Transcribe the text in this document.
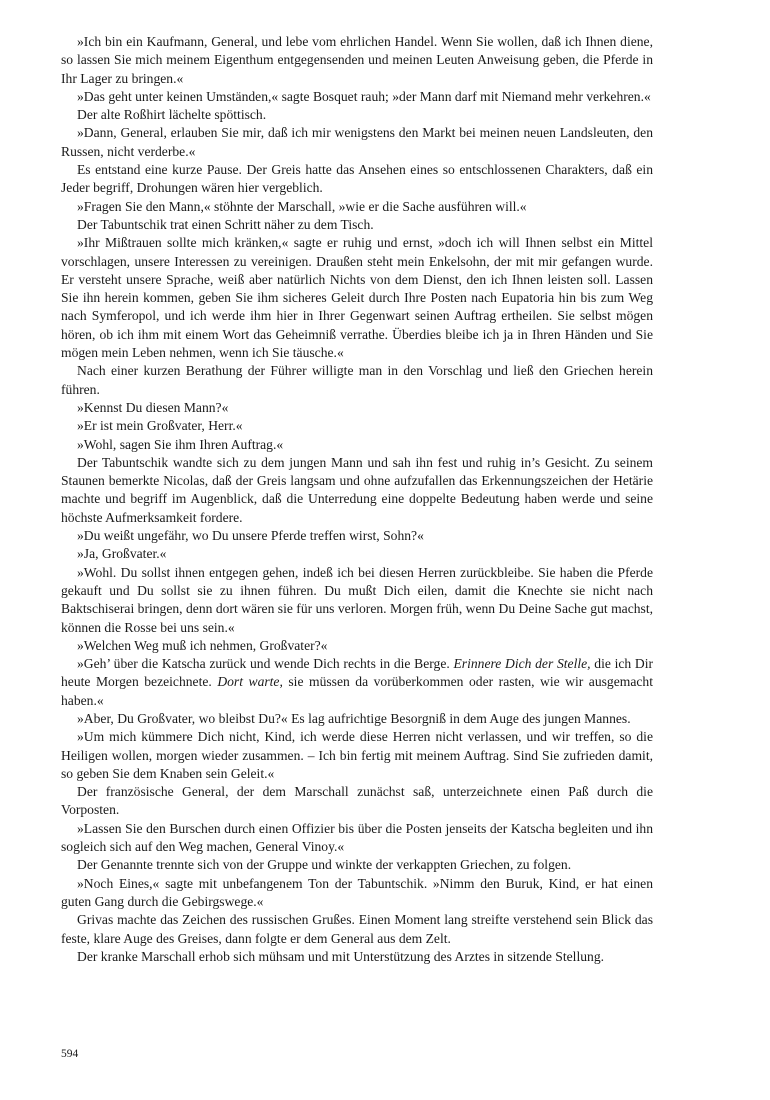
»Ich bin ein Kaufmann, General, und lebe vom ehrlichen Handel. Wenn Sie wollen, daß ich Ihnen diene, so lassen Sie mich meinem Eigenthum entgegensenden und meinen Leuten Anweisung geben, die Pferde in Ihr Lager zu bringen.«

»Das geht unter keinen Umständen,« sagte Bosquet rauh; »der Mann darf mit Niemand mehr verkehren.«

Der alte Roßhirt lächelte spöttisch.

»Dann, General, erlauben Sie mir, daß ich mir wenigstens den Markt bei meinen neuen Landsleuten, den Russen, nicht verderbe.«

Es entstand eine kurze Pause. Der Greis hatte das Ansehen eines so entschlossenen Charakters, daß ein Jeder begriff, Drohungen wären hier vergeblich.

»Fragen Sie den Mann,« stöhnte der Marschall, »wie er die Sache ausführen will.«

Der Tabuntschik trat einen Schritt näher zu dem Tisch.

»Ihr Mißtrauen sollte mich kränken,« sagte er ruhig und ernst, »doch ich will Ihnen selbst ein Mittel vorschlagen, unsere Interessen zu vereinigen. Draußen steht mein Enkelsohn, der mit mir gefangen wurde. Er versteht unsere Sprache, weiß aber natürlich Nichts von dem Dienst, den ich Ihnen leisten soll. Lassen Sie ihn herein kommen, geben Sie ihm sicheres Geleit durch Ihre Posten nach Eupatoria hin bis zum Weg nach Symferopol, und ich werde ihm hier in Ihrer Gegenwart seinen Auftrag ertheilen. Sie selbst mögen hören, ob ich ihm mit einem Wort das Geheimniß verrathe. Überdies bleibe ich ja in Ihren Händen und Sie mögen mein Leben nehmen, wenn ich Sie täusche.«

Nach einer kurzen Berathung der Führer willigte man in den Vorschlag und ließ den Griechen herein führen.

»Kennst Du diesen Mann?«

»Er ist mein Großvater, Herr.«

»Wohl, sagen Sie ihm Ihren Auftrag.«

Der Tabuntschik wandte sich zu dem jungen Mann und sah ihn fest und ruhig in’s Gesicht. Zu seinem Staunen bemerkte Nicolas, daß der Greis langsam und ohne aufzufallen das Erkennungszeichen der Hetärie machte und begriff im Augenblick, daß die Unterredung eine doppelte Bedeutung haben werde und seine höchste Aufmerksamkeit fordere.

»Du weißt ungefähr, wo Du unsere Pferde treffen wirst, Sohn?«

»Ja, Großvater.«

»Wohl. Du sollst ihnen entgegen gehen, indeß ich bei diesen Herren zurückbleibe. Sie haben die Pferde gekauft und Du sollst sie zu ihnen führen. Du mußt Dich eilen, damit die Knechte sie nicht nach Baktschiserai bringen, denn dort wären sie für uns verloren. Morgen früh, wenn Du Deine Sache gut machst, können die Rosse bei uns sein.«

»Welchen Weg muß ich nehmen, Großvater?«

»Geh’ über die Katscha zurück und wende Dich rechts in die Berge. Erinnere Dich der Stelle, die ich Dir heute Morgen bezeichnete. Dort warte, sie müssen da vorüberkommen oder rasten, wie wir ausgemacht haben.«

»Aber, Du Großvater, wo bleibst Du?« Es lag aufrichtige Besorgniß in dem Auge des jungen Mannes.

»Um mich kümmere Dich nicht, Kind, ich werde diese Herren nicht verlassen, und wir treffen, so die Heiligen wollen, morgen wieder zusammen. – Ich bin fertig mit meinem Auftrag. Sind Sie zufrieden damit, so geben Sie dem Knaben sein Geleit.«

Der französische General, der dem Marschall zunächst saß, unterzeichnete einen Paß durch die Vorposten.

»Lassen Sie den Burschen durch einen Offizier bis über die Posten jenseits der Katscha begleiten und ihn sogleich sich auf den Weg machen, General Vinoy.«

Der Genannte trennte sich von der Gruppe und winkte der verkappten Griechen, zu folgen.

»Noch Eines,« sagte mit unbefangenem Ton der Tabuntschik. »Nimm den Buruk, Kind, er hat einen guten Gang durch die Gebirgswege.«

Grivas machte das Zeichen des russischen Grußes. Einen Moment lang streifte verstehend sein Blick das feste, klare Auge des Greises, dann folgte er dem General aus dem Zelt.

Der kranke Marschall erhob sich mühsam und mit Unterstützung des Arztes in sitzende Stellung.

594
